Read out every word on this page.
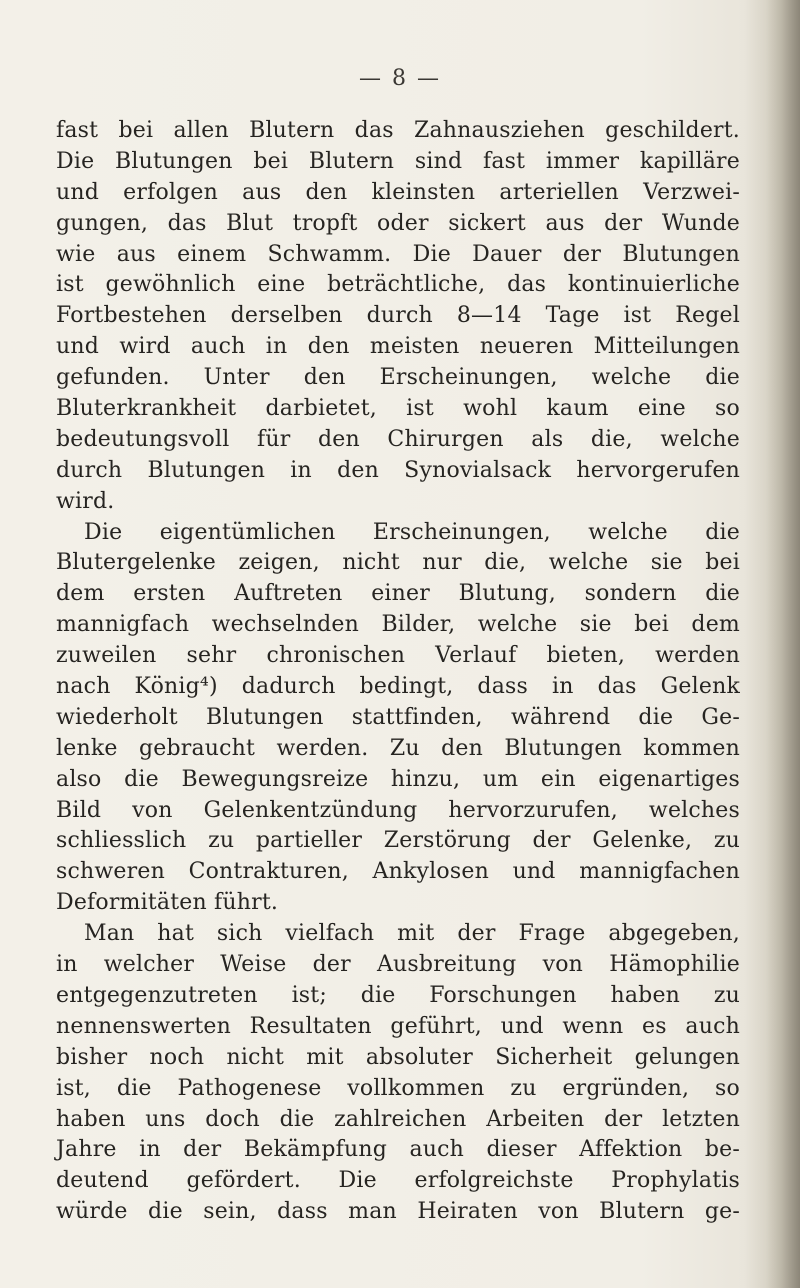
— 8 —
fast bei allen Blutern das Zahnausziehen geschildert.
Die Blutungen bei Blutern sind fast immer kapilläre
und erfolgen aus den kleinsten arteriellen Verzwei-
gungen, das Blut tropft oder sickert aus der Wunde
wie aus einem Schwamm. Die Dauer der Blutungen
ist gewöhnlich eine beträchtliche, das kontinuierliche
Fortbestehen derselben durch 8—14 Tage ist Regel
und wird auch in den meisten neueren Mitteilungen
gefunden. Unter den Erscheinungen, welche die
Bluterkrankheit darbietet, ist wohl kaum eine so
bedeutungsvoll für den Chirurgen als die, welche
durch Blutungen in den Synovialsack hervorgerufen
wird.
Die eigentümlichen Erscheinungen, welche die
Blutergelenke zeigen, nicht nur die, welche sie bei
dem ersten Auftreten einer Blutung, sondern die
mannigfach wechselnden Bilder, welche sie bei dem
zuweilen sehr chronischen Verlauf bieten, werden
nach König⁴) dadurch bedingt, dass in das Gelenk
wiederholt Blutungen stattfinden, während die Ge-
lenke gebraucht werden. Zu den Blutungen kommen
also die Bewegungsreize hinzu, um ein eigenartiges
Bild von Gelenkentzündung hervorzurufen, welches
schliesslich zu partieller Zerstörung der Gelenke, zu
schweren Contrakturen, Ankylosen und mannigfachen
Deformitäten führt.
Man hat sich vielfach mit der Frage abgegeben,
in welcher Weise der Ausbreitung von Hämophilie
entgegenzutreten ist; die Forschungen haben zu
nennenswerten Resultaten geführt, und wenn es auch
bisher noch nicht mit absoluter Sicherheit gelungen
ist, die Pathogenese vollkommen zu ergründen, so
haben uns doch die zahlreichen Arbeiten der letzten
Jahre in der Bekämpfung auch dieser Affektion be-
deutend gefördert. Die erfolgreichste Prophylatis
würde die sein, dass man Heiraten von Blutern ge-
